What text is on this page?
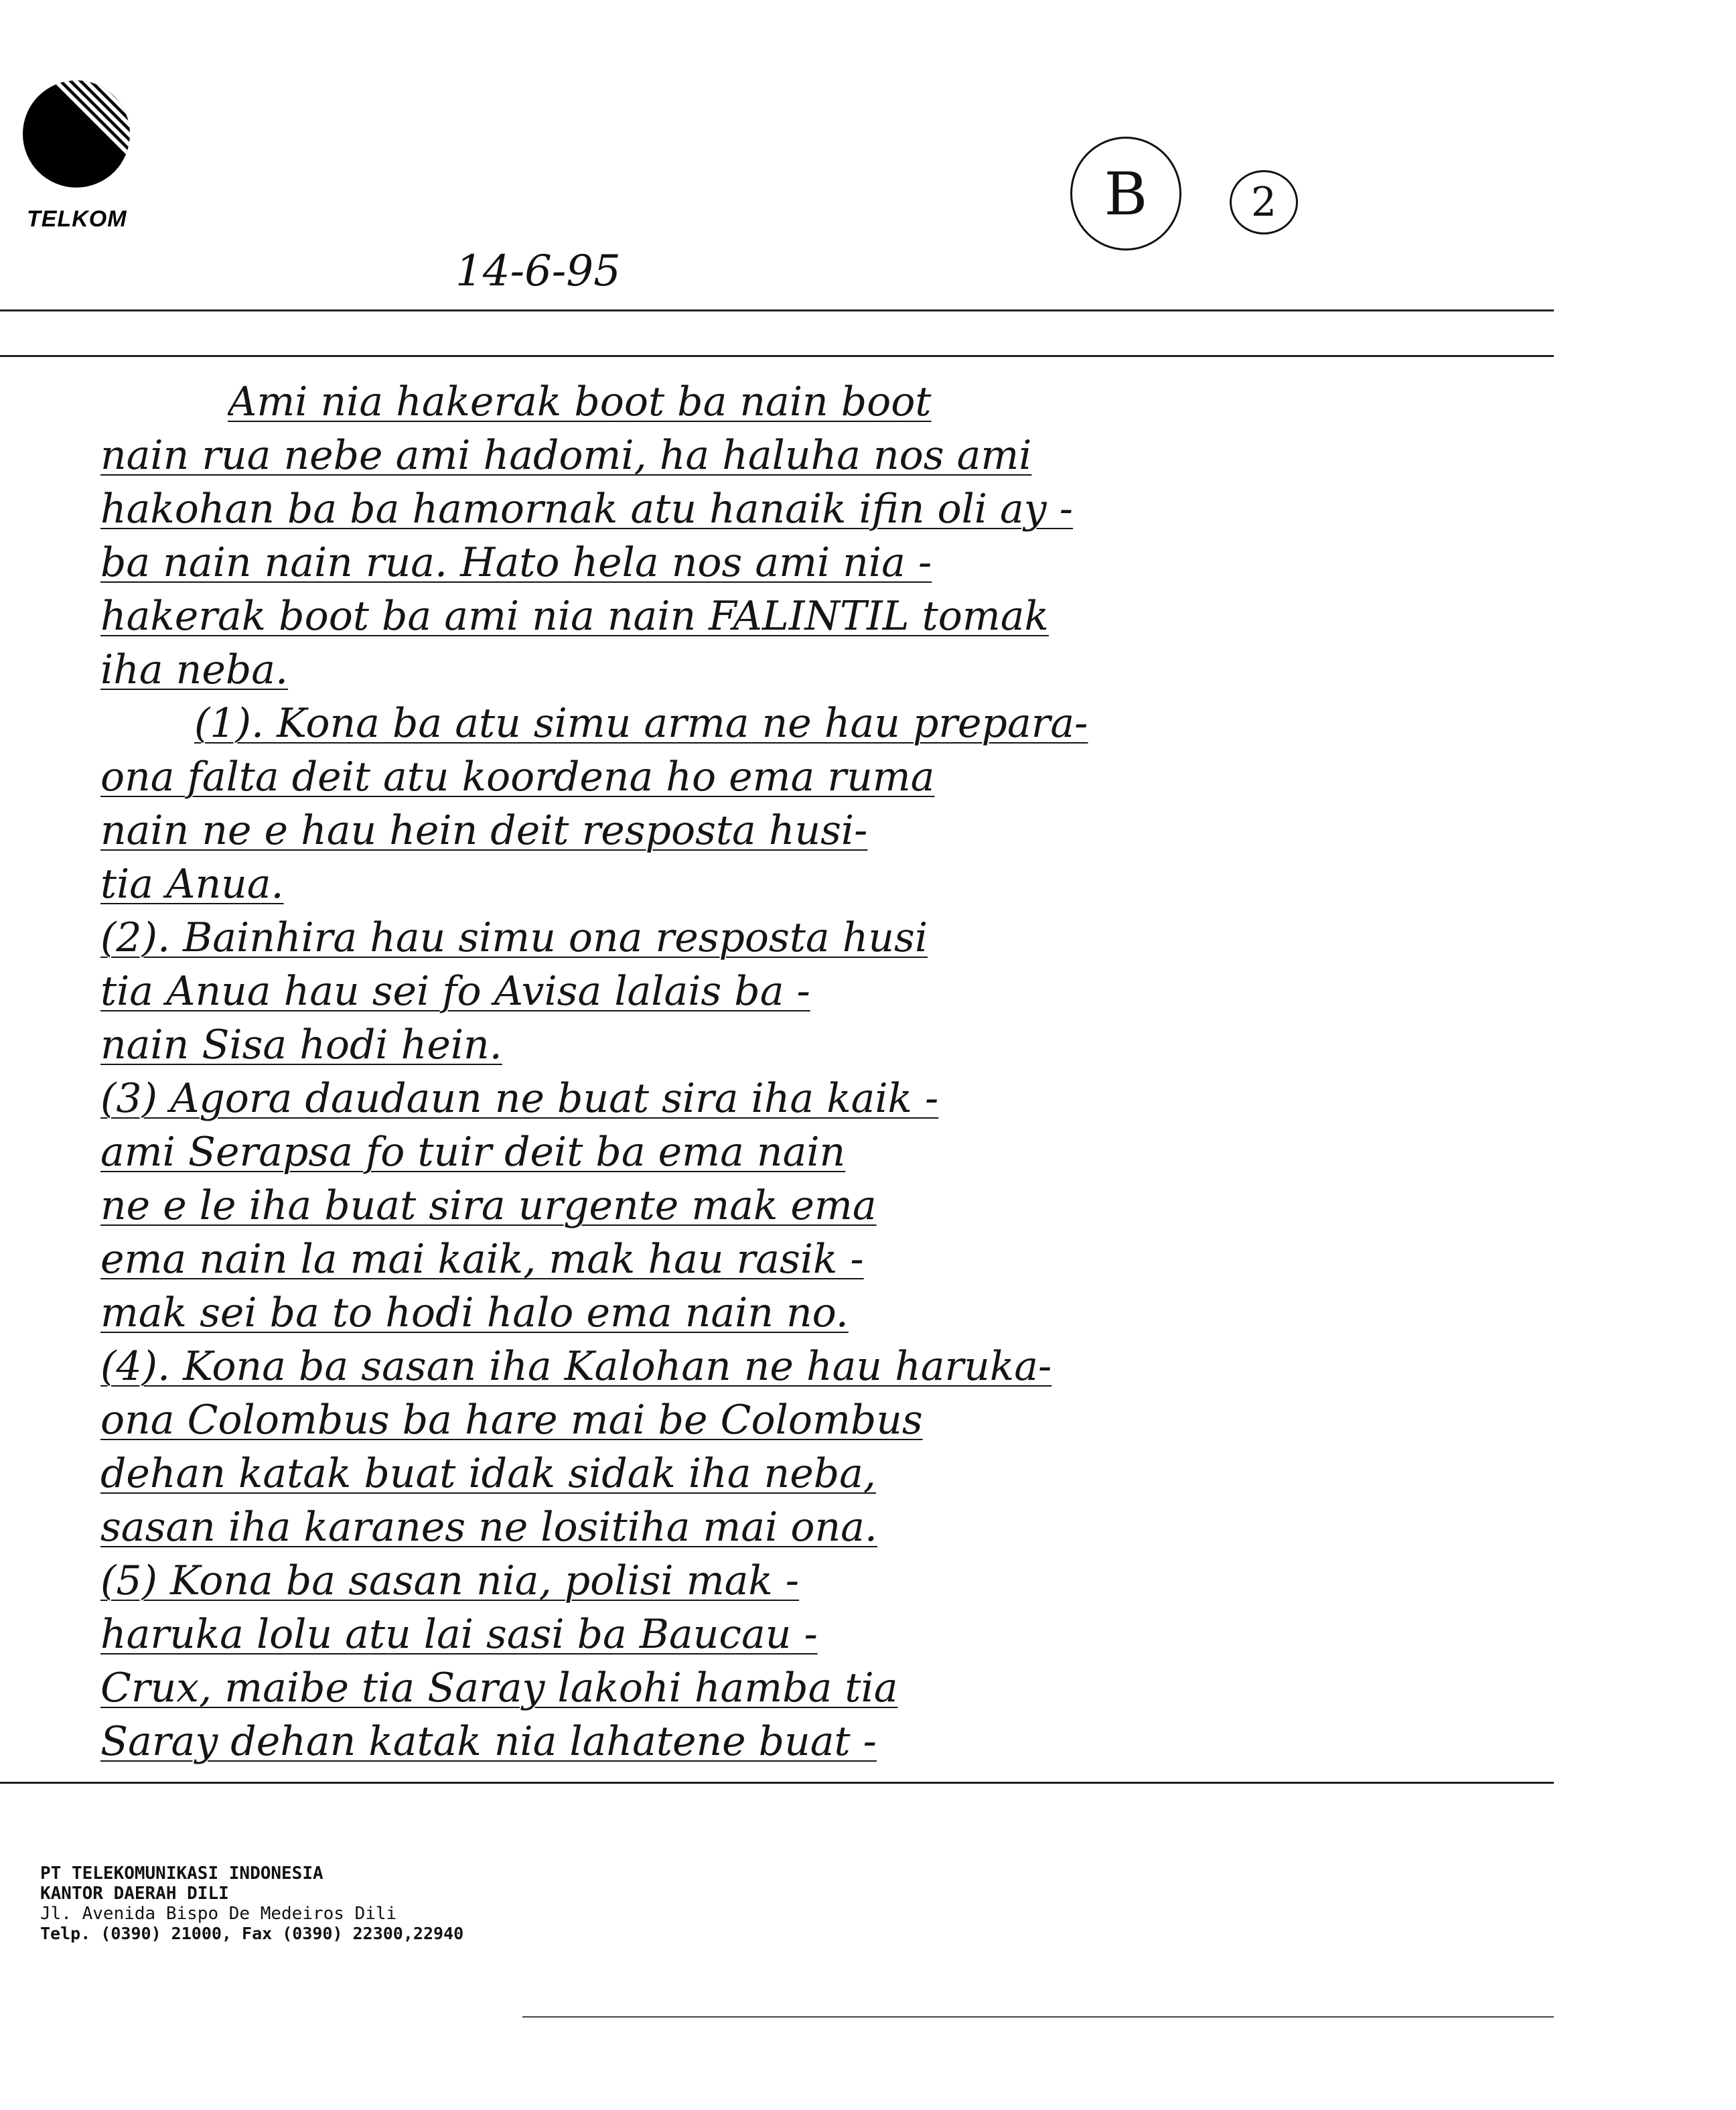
TELKOM	B	2
14-6-95
Ami nia hakerak boot ba nain boot
nain rua nebe ami hadomi, ha haluha nos ami
hakohan ba ba hamornak atu hanaik ifin oli ay -
ba nain nain rua. Hato hela nos ami nia -
hakerak boot ba ami nia nain FALINTIL tomak
iha neba.
(1). Kona ba atu simu arma ne hau prepara-
ona falta deit atu koordena ho ema ruma
nain ne e hau hein deit resposta husi-
tia Anua.
(2). Bainhira hau simu ona resposta husi
tia Anua hau sei fo Avisa lalais ba -
nain Sisa hodi hein.
(3) Agora daudaun ne buat sira iha kaik -
ami Serapsa fo tuir deit ba ema nain
ne e le iha buat sira urgente mak ema
ema nain la mai kaik, mak hau rasik -
mak sei ba to hodi halo ema nain no.
(4). Kona ba sasan iha Kalohan ne hau haruka-
ona Colombus ba hare mai be Colombus
dehan katak buat idak sidak iha neba,
sasan iha karanes ne lositiha mai ona.
(5) Kona ba sasan nia, polisi mak -
haruka lolu atu lai sasi ba Baucau -
Crux, maibe tia Saray lakohi hamba tia
Saray dehan katak nia lahatene buat -
PT TELEKOMUNIKASI INDONESIA
KANTOR DAERAH DILI
Jl. Avenida Bispo De Medeiros Dili
Telp. (0390) 21000, Fax (0390) 22300,22940
